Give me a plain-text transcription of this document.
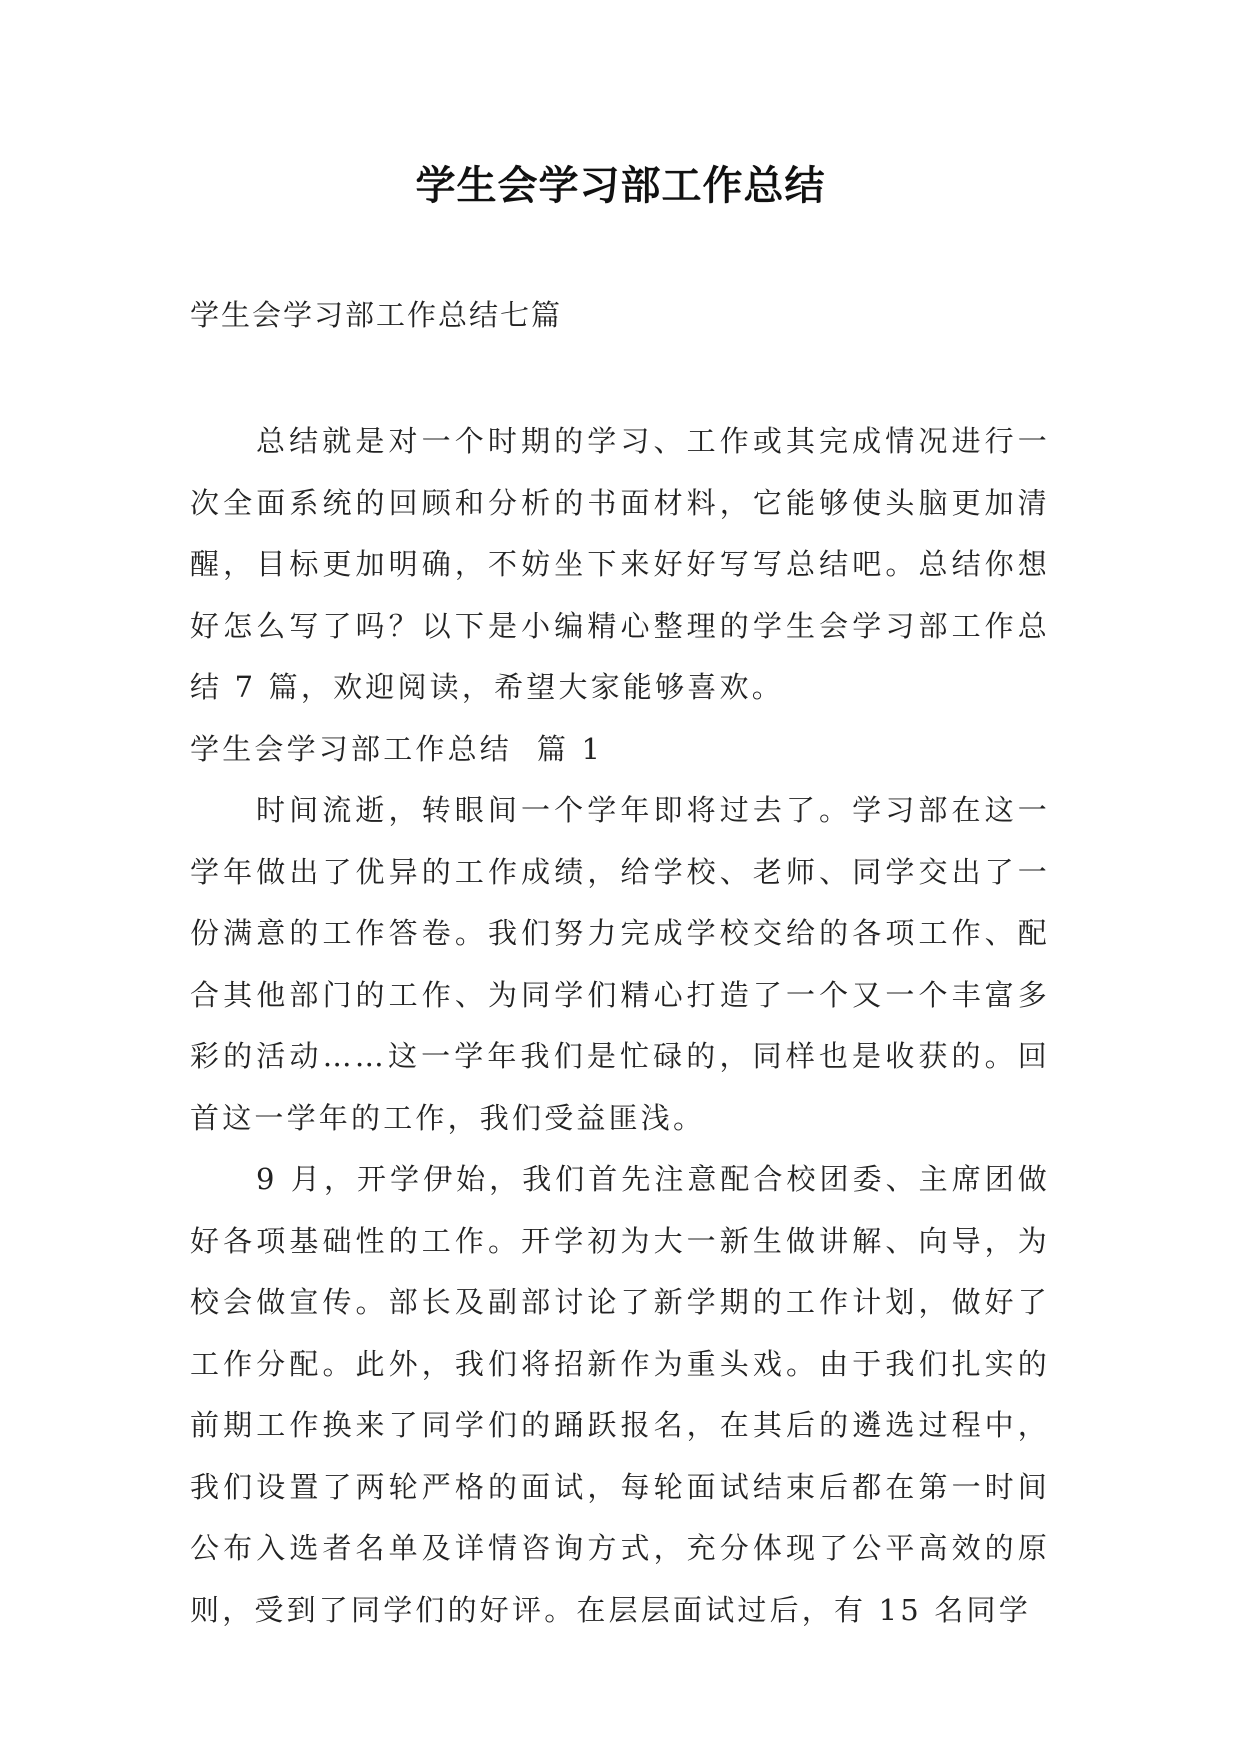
学生会学习部工作总结
学生会学习部工作总结七篇

总结就是对一个时期的学习、工作或其完成情况进行一次全面系统的回顾和分析的书面材料，它能够使头脑更加清醒，目标更加明确，不妨坐下来好好写写总结吧。总结你想好怎么写了吗？以下是小编精心整理的学生会学习部工作总结 7 篇，欢迎阅读，希望大家能够喜欢。

学生会学习部工作总结  篇 1

时间流逝，转眼间一个学年即将过去了。学习部在这一学年做出了优异的工作成绩，给学校、老师、同学交出了一份满意的工作答卷。我们努力完成学校交给的各项工作、配合其他部门的工作、为同学们精心打造了一个又一个丰富多彩的活动……这一学年我们是忙碌的，同样也是收获的。回首这一学年的工作，我们受益匪浅。

9 月，开学伊始，我们首先注意配合校团委、主席团做好各项基础性的工作。开学初为大一新生做讲解、向导，为校会做宣传。部长及副部讨论了新学期的工作计划，做好了工作分配。此外，我们将招新作为重头戏。由于我们扎实的前期工作换来了同学们的踊跃报名，在其后的遴选过程中，我们设置了两轮严格的面试，每轮面试结束后都在第一时间公布入选者名单及详情咨询方式，充分体现了公平高效的原则，受到了同学们的好评。在层层面试过后，有 15 名同学
